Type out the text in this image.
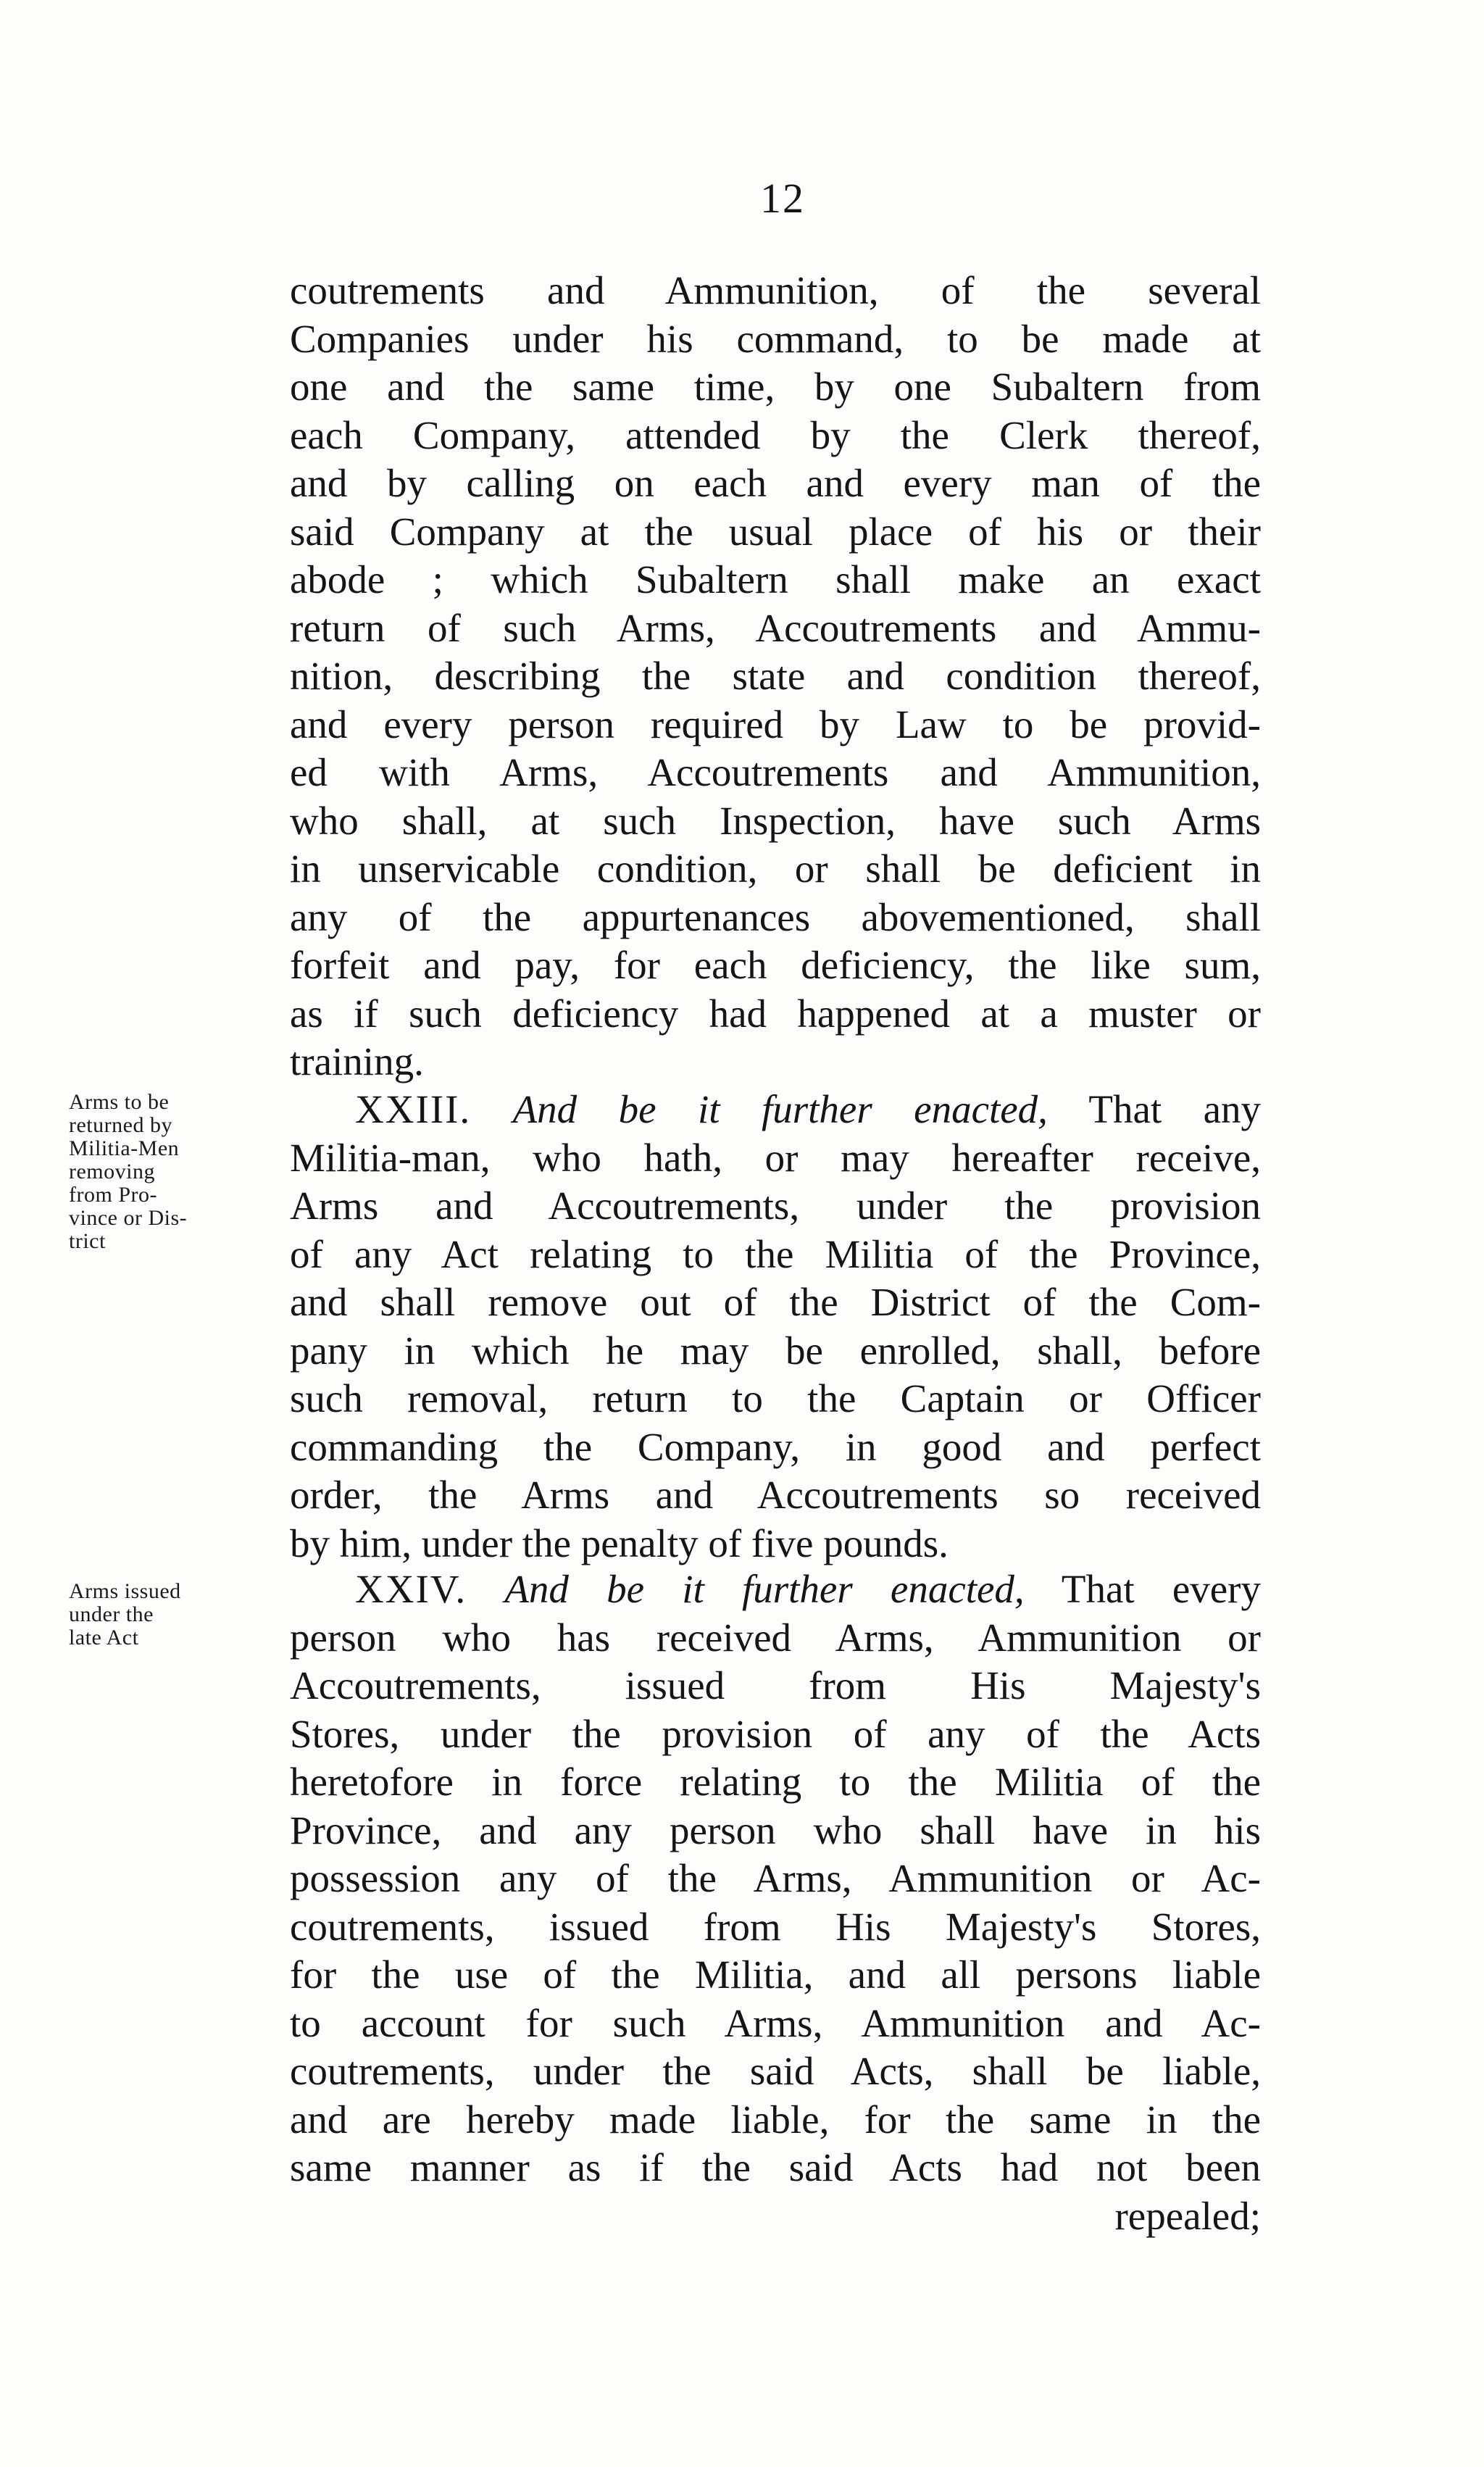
12
coutrements and Ammunition, of the several
Companies under his command, to be made at
one and the same time, by one Subaltern from
each Company, attended by the Clerk thereof,
and by calling on each and every man of the
said Company at the usual place of his or their
abode ; which Subaltern shall make an exact
return of such Arms, Accoutrements and Ammu-
nition, describing the state and condition thereof,
and every person required by Law to be provid-
ed with Arms, Accoutrements and Ammunition,
who shall, at such Inspection, have such Arms
in unservicable condition, or shall be deficient in
any of the appurtenances abovementioned, shall
forfeit and pay, for each deficiency, the like sum,
as if such deficiency had happened at a muster or
training.
Arms to be
returned by
Militia-Men
removing
from Pro-
vince or Dis-
trict
XXIII. And be it further enacted, That any
Militia-man, who hath, or may hereafter receive,
Arms and Accoutrements, under the provision
of any Act relating to the Militia of the Province,
and shall remove out of the District of the Com-
pany in which he may be enrolled, shall, before
such removal, return to the Captain or Officer
commanding the Company, in good and perfect
order, the Arms and Accoutrements so received
by him, under the penalty of five pounds.
Arms issued
under the
late Act
XXIV. And be it further enacted, That every
person who has received Arms, Ammunition or
Accoutrements, issued from His Majesty's
Stores, under the provision of any of the Acts
heretofore in force relating to the Militia of the
Province, and any person who shall have in his
possession any of the Arms, Ammunition or Ac-
coutrements, issued from His Majesty's Stores,
for the use of the Militia, and all persons liable
to account for such Arms, Ammunition and Ac-
coutrements, under the said Acts, shall be liable,
and are hereby made liable, for the same in the
same manner as if the said Acts had not been
repealed;
